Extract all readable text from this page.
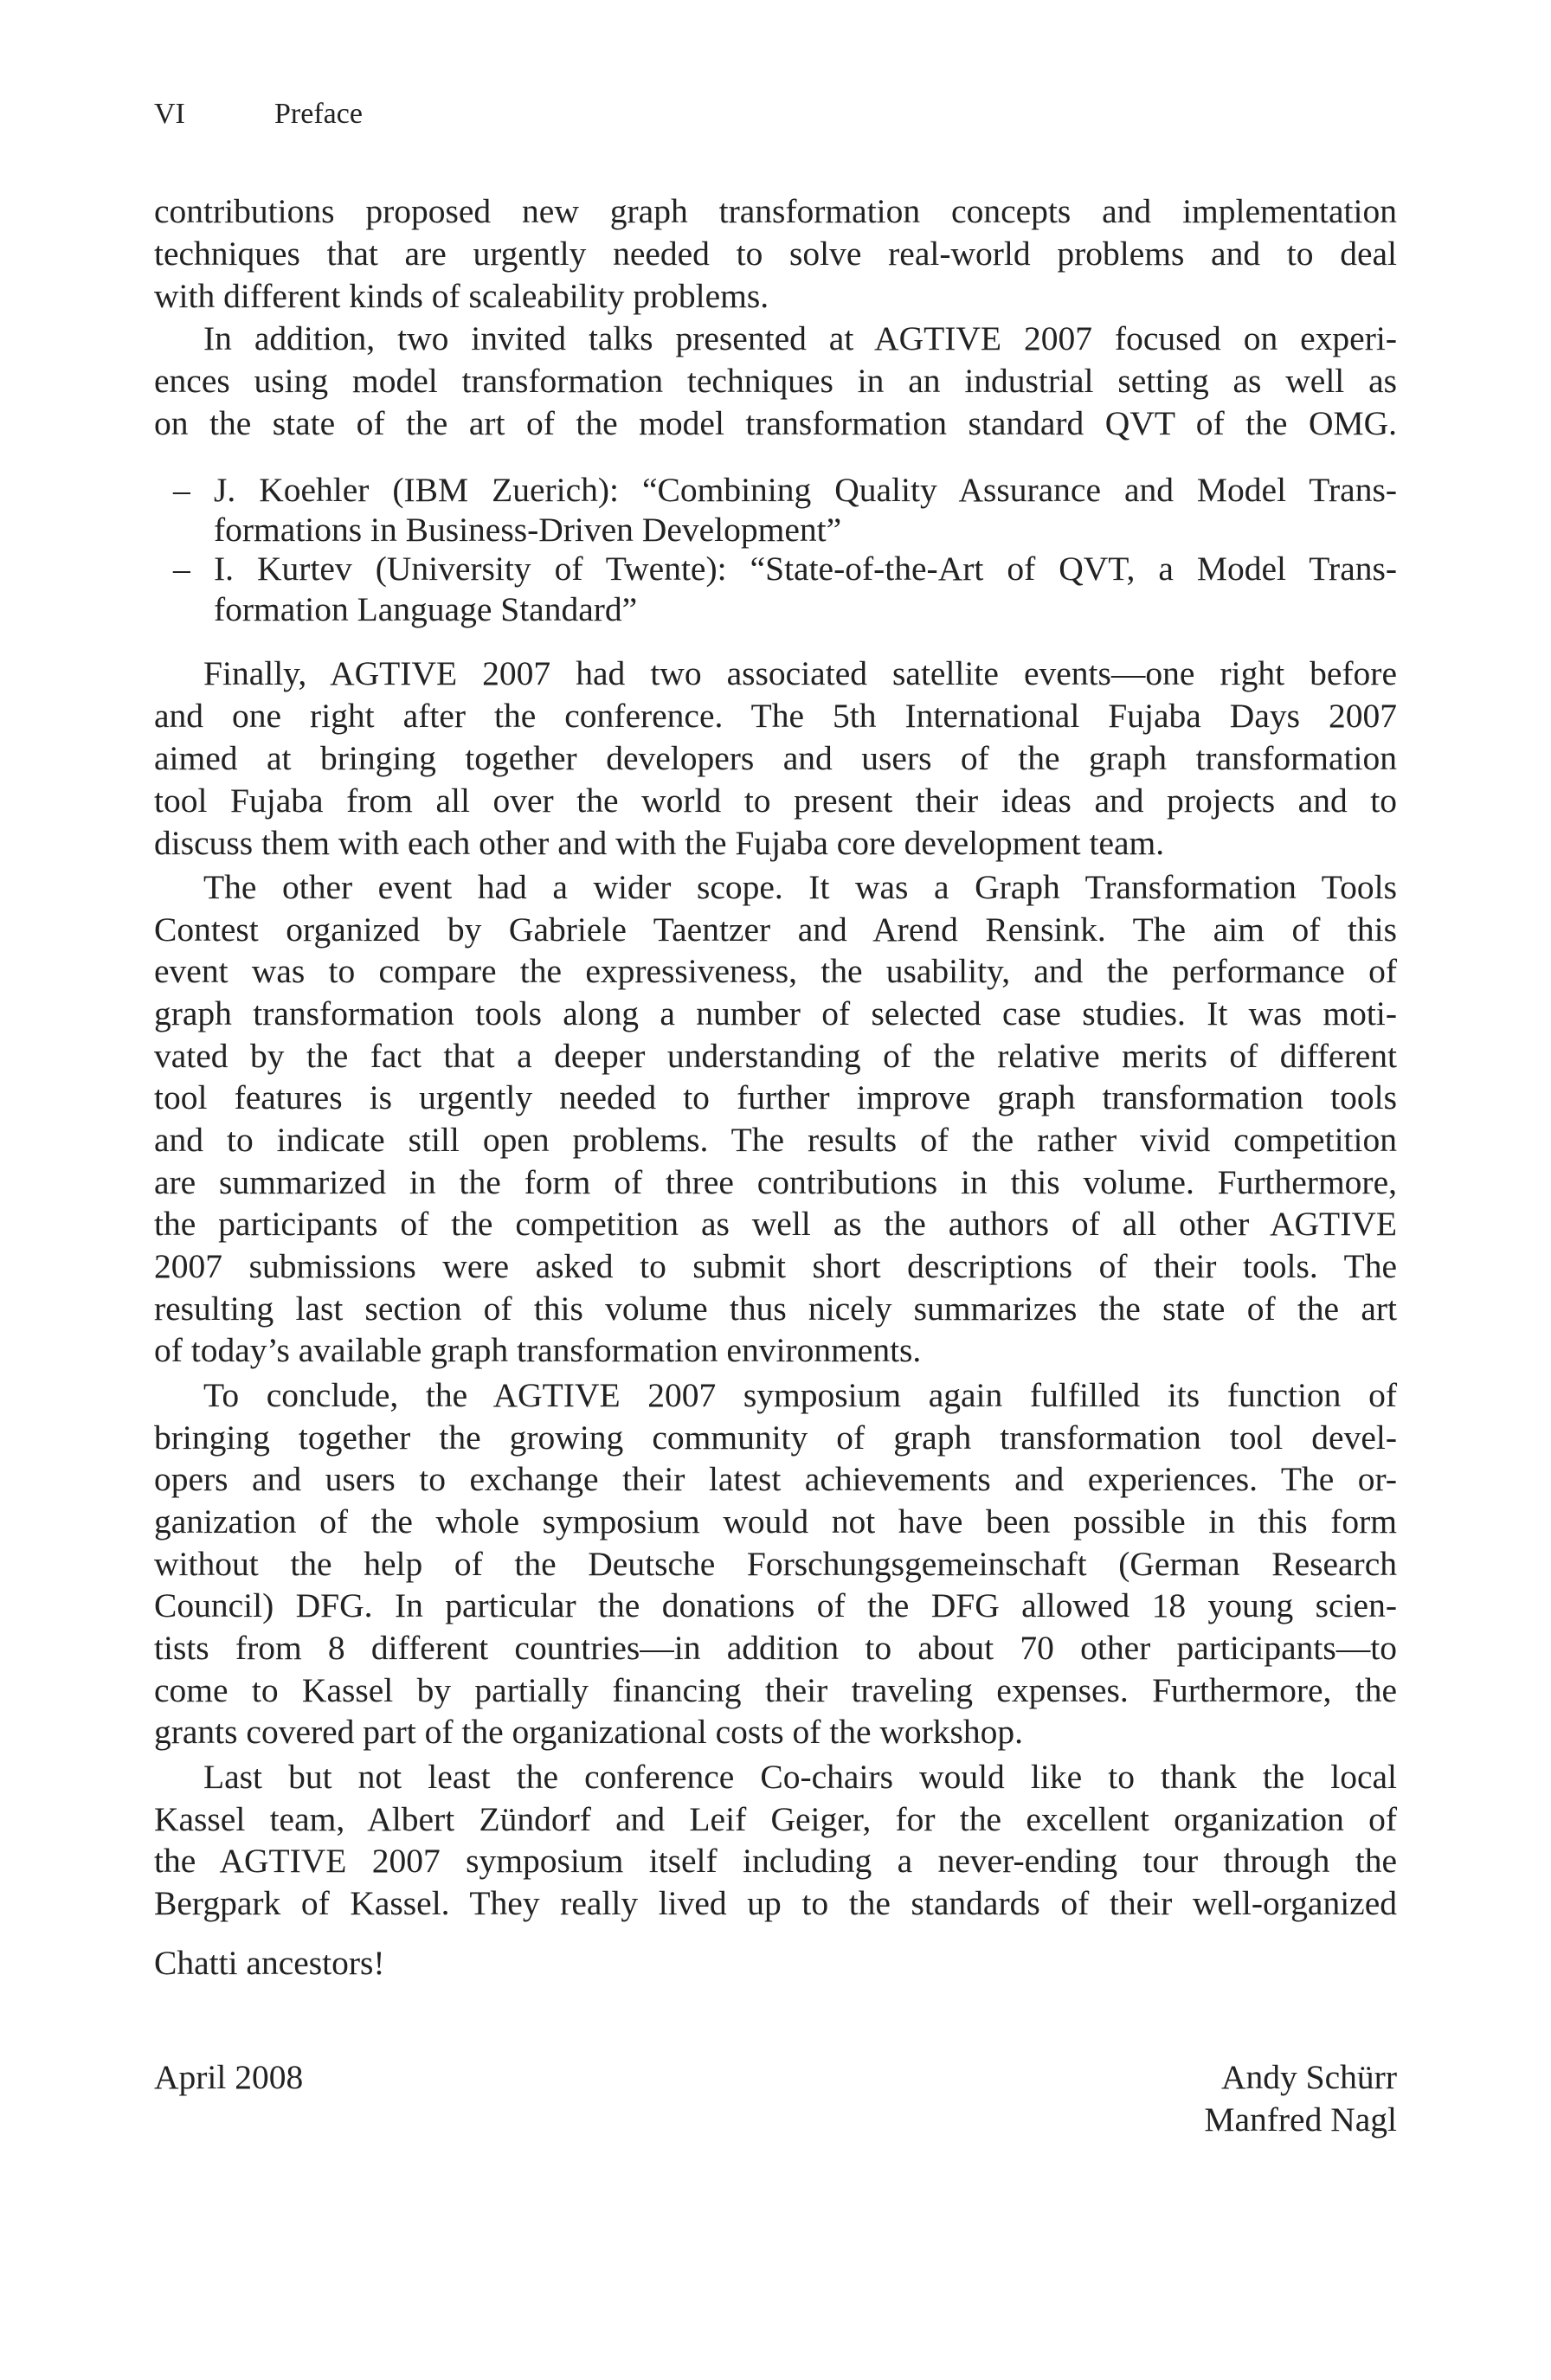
VI	Preface
contributions proposed new graph transformation concepts and implementation
techniques that are urgently needed to solve real-world problems and to deal
with different kinds of scaleability problems.
In addition, two invited talks presented at AGTIVE 2007 focused on experi-
ences using model transformation techniques in an industrial setting as well as
on the state of the art of the model transformation standard QVT of the OMG.
– J. Koehler (IBM Zuerich): “Combining Quality Assurance and Model Trans-
formations in Business-Driven Development”
– I. Kurtev (University of Twente): “State-of-the-Art of QVT, a Model Trans-
formation Language Standard”
Finally, AGTIVE 2007 had two associated satellite events—one right before
and one right after the conference. The 5th International Fujaba Days 2007
aimed at bringing together developers and users of the graph transformation
tool Fujaba from all over the world to present their ideas and projects and to
discuss them with each other and with the Fujaba core development team.
The other event had a wider scope. It was a Graph Transformation Tools
Contest organized by Gabriele Taentzer and Arend Rensink. The aim of this
event was to compare the expressiveness, the usability, and the performance of
graph transformation tools along a number of selected case studies. It was moti-
vated by the fact that a deeper understanding of the relative merits of different
tool features is urgently needed to further improve graph transformation tools
and to indicate still open problems. The results of the rather vivid competition
are summarized in the form of three contributions in this volume. Furthermore,
the participants of the competition as well as the authors of all other AGTIVE
2007 submissions were asked to submit short descriptions of their tools. The
resulting last section of this volume thus nicely summarizes the state of the art
of today’s available graph transformation environments.
To conclude, the AGTIVE 2007 symposium again fulfilled its function of
bringing together the growing community of graph transformation tool devel-
opers and users to exchange their latest achievements and experiences. The or-
ganization of the whole symposium would not have been possible in this form
without the help of the Deutsche Forschungsgemeinschaft (German Research
Council) DFG. In particular the donations of the DFG allowed 18 young scien-
tists from 8 different countries—in addition to about 70 other participants—to
come to Kassel by partially financing their traveling expenses. Furthermore, the
grants covered part of the organizational costs of the workshop.
Last but not least the conference Co-chairs would like to thank the local
Kassel team, Albert Zündorf and Leif Geiger, for the excellent organization of
the AGTIVE 2007 symposium itself including a never-ending tour through the
Bergpark of Kassel. They really lived up to the standards of their well-organized
Chatti ancestors!
April 2008	Andy Schürr
Manfred Nagl
